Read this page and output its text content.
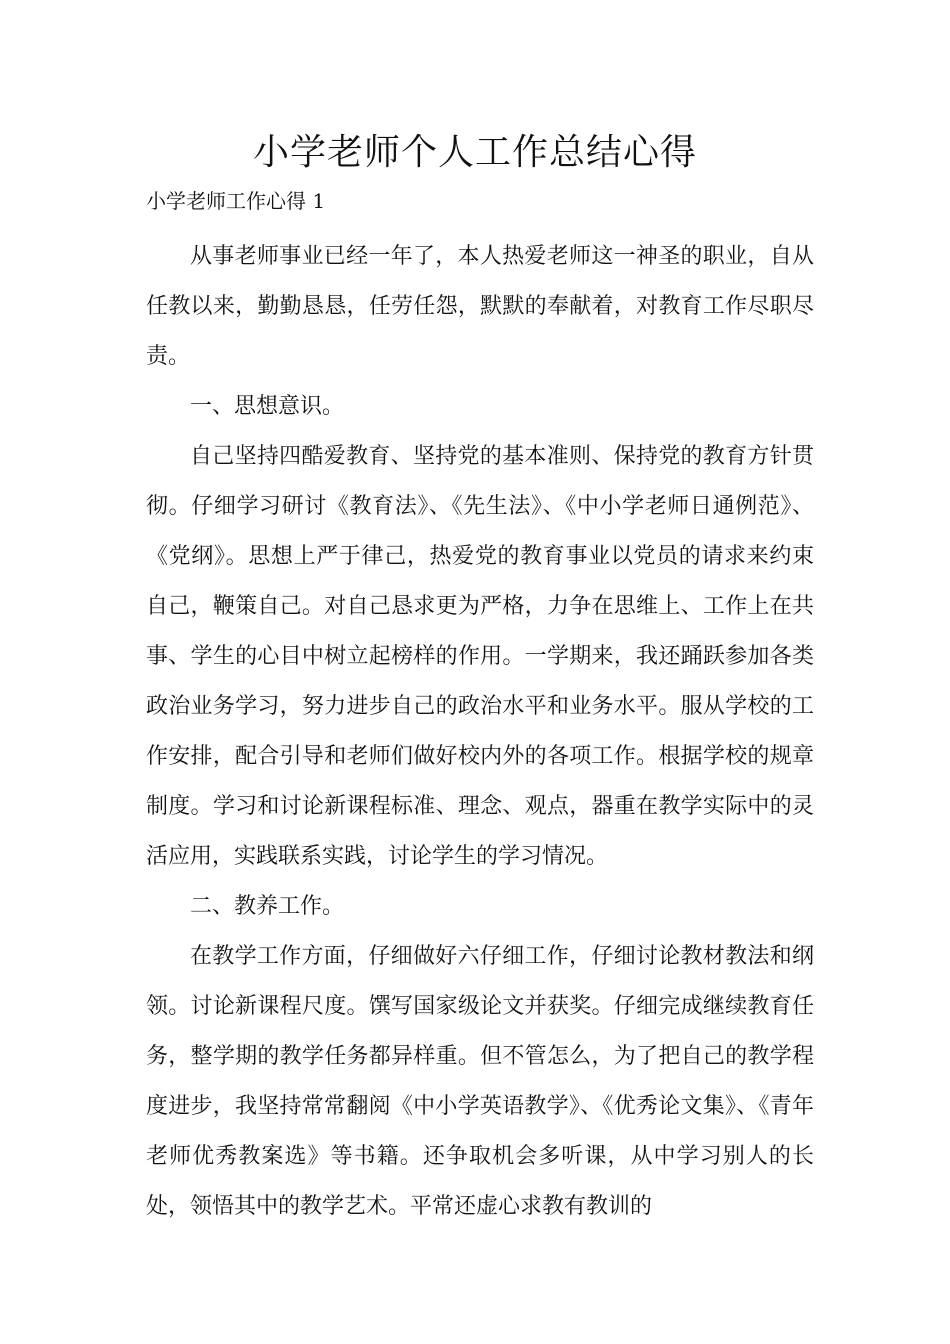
小学老师个人工作总结心得

小学老师工作心得 1

从事老师事业已经一年了，本人热爱老师这一神圣的职业，自从任教以来，勤勤恳恳，任劳任怨，默默的奉献着，对教育工作尽职尽责。

一、思想意识。

自己坚持四酷爱教育、坚持党的基本准则、保持党的教育方针贯彻。仔细学习研讨《教育法》、《先生法》、《中小学老师日通例范》、《党纲》。思想上严于律己，热爱党的教育事业以党员的请求来约束自己，鞭策自己。对自己恳求更为严格，力争在思维上、工作上在共事、学生的心目中树立起榜样的作用。一学期来，我还踊跃参加各类政治业务学习，努力进步自己的政治水平和业务水平。服从学校的工作安排，配合引导和老师们做好校内外的各项工作。根据学校的规章制度。学习和讨论新课程标准、理念、观点，器重在教学实际中的灵活应用，实践联系实践，讨论学生的学习情况。

二、教养工作。

在教学工作方面，仔细做好六仔细工作，仔细讨论教材教法和纲领。讨论新课程尺度。馔写国家级论文并获奖。仔细完成继续教育任务，整学期的教学任务都异样重。但不管怎么，为了把自己的教学程度进步，我坚持常常翻阅《中小学英语教学》、《优秀论文集》、《青年老师优秀教案选》等书籍。还争取机会多听课，从中学习别人的长处，领悟其中的教学艺术。平常还虚心求教有教训的
